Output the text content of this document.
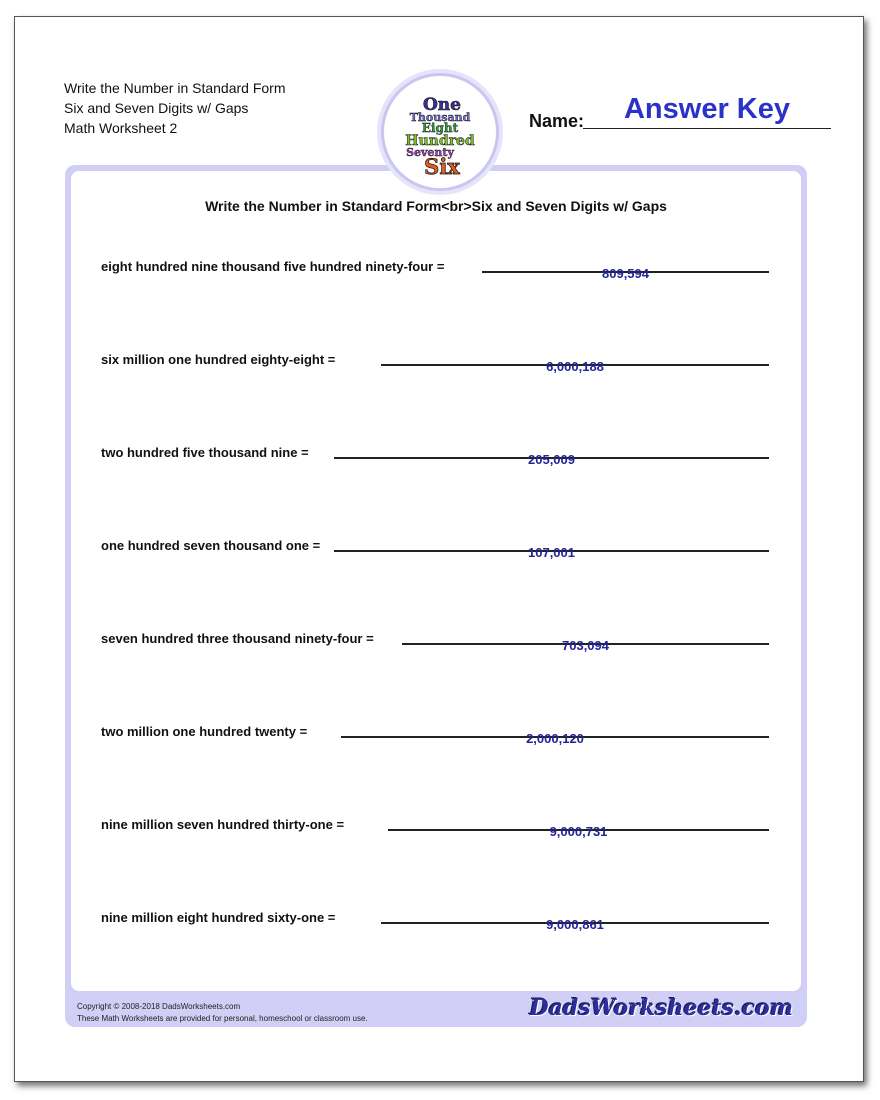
Write the Number in Standard Form
Six and Seven Digits w/ Gaps
Math Worksheet 2
One
Thousand
Eight
Hundred
Seventy
Six
Name:	Answer Key
Write the Number in Standard Form<br>Six and Seven Digits w/ Gaps
eight hundred nine thousand five hundred ninety-four =	809,594
six million one hundred eighty-eight =	6,000,188
two hundred five thousand nine =	205,009
one hundred seven thousand one =	107,001
seven hundred three thousand ninety-four =	703,094
two million one hundred twenty =	2,000,120
nine million seven hundred thirty-one =	9,000,731
nine million eight hundred sixty-one =	9,000,861
Copyright © 2008-2018 DadsWorksheets.com
These Math Worksheets are provided for personal, homeschool or classroom use.	DadsWorksheets.com
